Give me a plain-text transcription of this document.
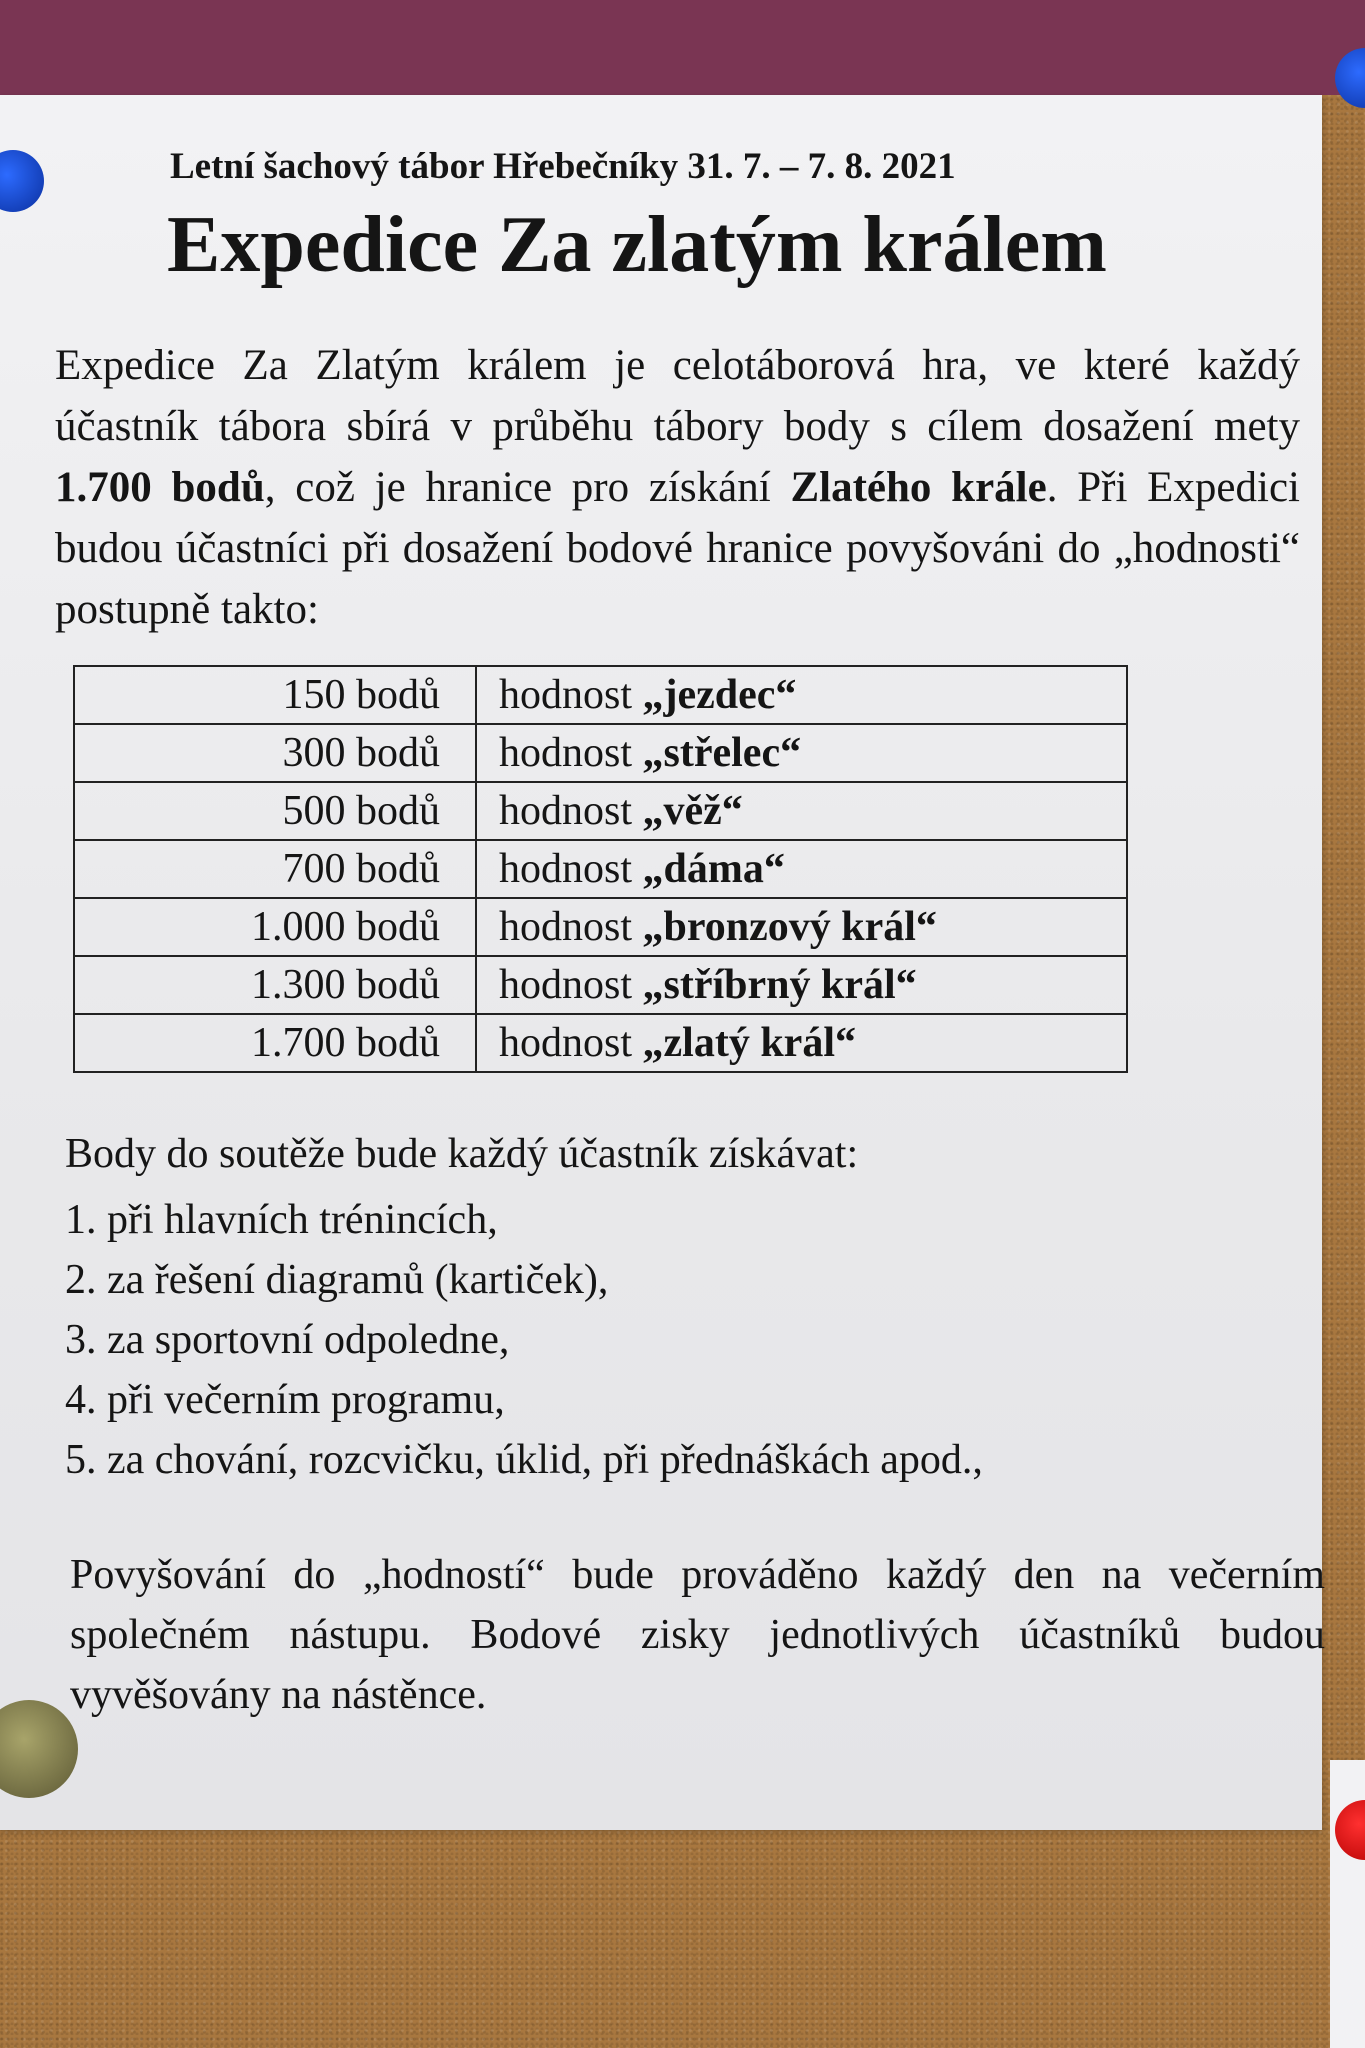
Letní šachový tábor Hřebečníky 31. 7. – 7. 8. 2021
Expedice Za zlatým králem

Expedice Za Zlatým králem je celotáborová hra, ve které každý účastník tábora sbírá v průběhu tábory body s cílem dosažení mety 1.700 bodů, což je hranice pro získání Zlatého krále. Při Expedici budou účastníci při dosažení bodové hranice povyšováni do „hodnosti“ postupně takto:

150 bodů	hodnost „jezdec“
300 bodů	hodnost „střelec“
500 bodů	hodnost „věž“
700 bodů	hodnost „dáma“
1.000 bodů	hodnost „bronzový král“
1.300 bodů	hodnost „stříbrný král“
1.700 bodů	hodnost „zlatý král“
Body do soutěže bude každý účastník získávat:
1. při hlavních trénincích,
2. za řešení diagramů (kartiček),
3. za sportovní odpoledne,
4. při večerním programu,
5. za chování, rozcvičku, úklid, při přednáškách apod.,

Povyšování do „hodností“ bude prováděno každý den na večerním společném nástupu. Bodové zisky jednotlivých účastníků budou vyvěšovány na nástěnce.
